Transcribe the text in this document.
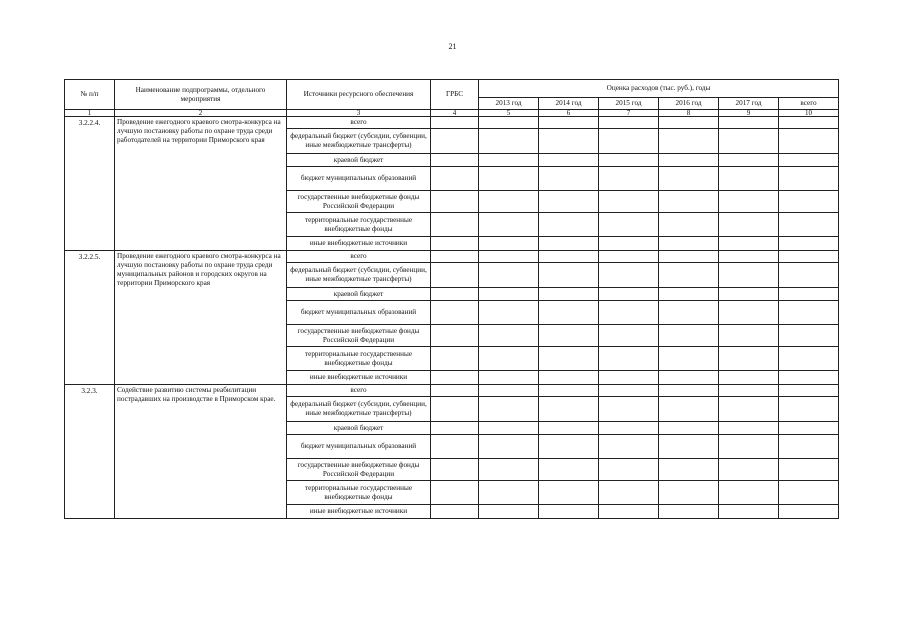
21
№ п/п	Наименование подпрограммы, отдельного мероприятия	Источники ресурсного обеспечения	ГРБС	Оценка расходов (тыс. руб.), годы					
				2013 год	2014 год	2015 год	2016 год	2017 год	всего
1	2	3	4	5	6	7	8	9	10
3.2.2.4.	Проведение ежегодного краевого смотра-конкурса на лучшую постановку работы по охране труда среди работодателей на территории Приморского края	всего							
		федеральный бюджет (субсидии, субвенции, иные межбюджетные трансферты)							
		краевой бюджет							
		бюджет муниципальных образований							
		государственные внебюджетные фонды Российской Федерации							
		территориальные государственные внебюджетные фонды							
		иные внебюджетные источники							
3.2.2.5.	Проведение ежегодного краевого смотра-конкурса на лучшую постановку работы по охране труда среди муниципальных районов и городских округов на территории Приморского края	всего							
		федеральный бюджет (субсидии, субвенции, иные межбюджетные трансферты)							
		краевой бюджет							
		бюджет муниципальных образований							
		государственные внебюджетные фонды Российской Федерации							
		территориальные государственные внебюджетные фонды							
		иные внебюджетные источники							
3.2.3.	Содействие развитию системы реабилитации пострадавших на производстве в Приморском крае.	всего							
		федеральный бюджет (субсидии, субвенции, иные межбюджетные трансферты)							
		краевой бюджет							
		бюджет муниципальных образований							
		государственные внебюджетные фонды Российской Федерации							
		территориальные государственные внебюджетные фонды							
		иные внебюджетные источники							
